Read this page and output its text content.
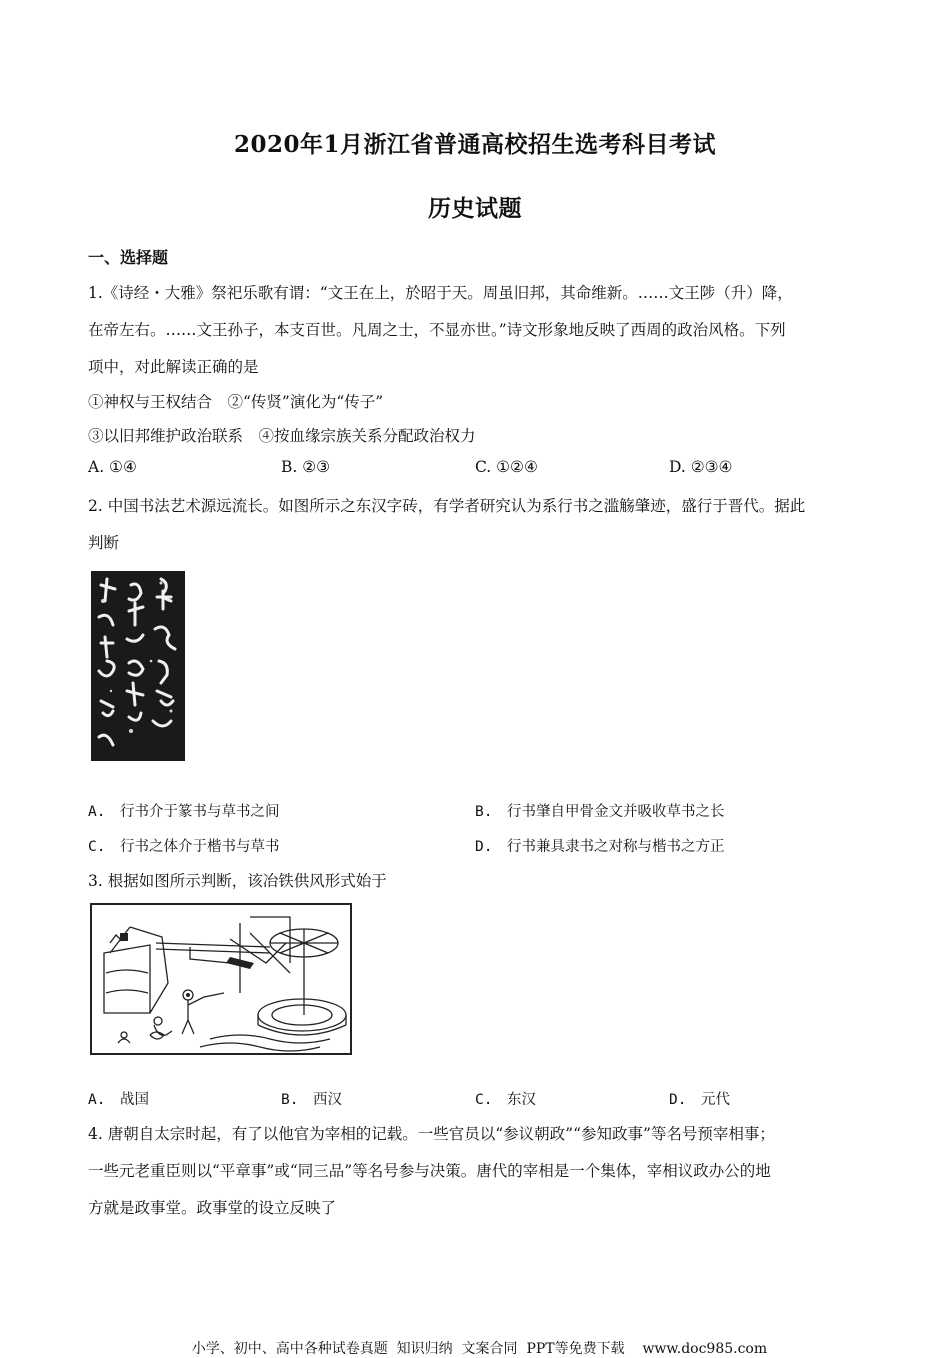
2020年1月浙江省普通高校招生选考科目考试
历史试题
一、选择题
1.《诗经・大雅》祭祀乐歌有谓：“文王在上，於昭于天。周虽旧邦，其命维新。……文王陟（升）降，
在帝左右。……文王孙子，本支百世。凡周之士，不显亦世。”诗文形象地反映了西周的政治风格。下列
项中，对此解读正确的是
①神权与王权结合　②“传贤”演化为“传子”
③以旧邦维护政治联系　④按血缘宗族关系分配政治权力
A. ①④	B. ②③	C. ①②④	D. ②③④
2. 中国书法艺术源远流长。如图所示之东汉字砖，有学者研究认为系行书之滥觞肇迹，盛行于晋代。据此
判断
A.　行书介于篆书与草书之间	B.　行书肇自甲骨金文并吸收草书之长
C.　行书之体介于楷书与草书	D.　行书兼具隶书之对称与楷书之方正
3. 根据如图所示判断，该冶铁供风形式始于
A.　战国	B.　西汉	C.　东汉	D.　元代
4. 唐朝自太宗时起，有了以他官为宰相的记载。一些官员以“参议朝政”“参知政事”等名号预宰相事；
一些元老重臣则以“平章事”或“同三品”等名号参与决策。唐代的宰相是一个集体，宰相议政办公的地
方就是政事堂。政事堂的设立反映了

小学、初中、高中各种试卷真题  知识归纳  文案合同  PPT等免费下载 www.doc985.com
